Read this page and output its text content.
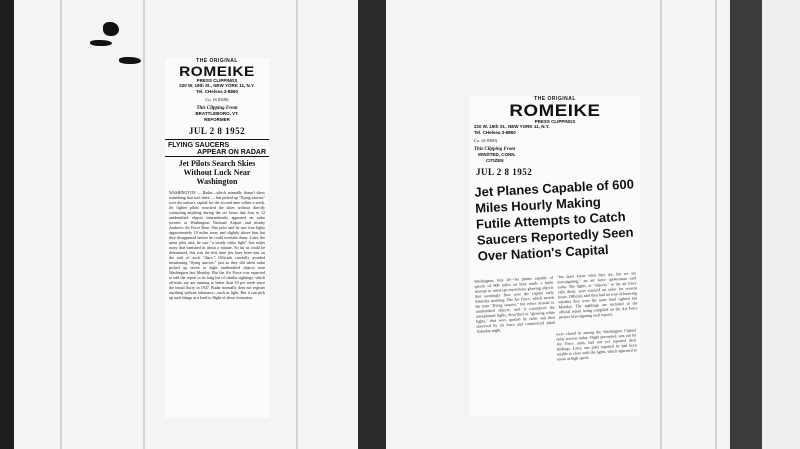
THE ORIGINAL
ROMEIKE
PRESS CLIPPINGS
220 W. 19th St., NEW YORK 11, N.Y.
Tel. CHelsea 3-8860
Co. (S 8300)
This Clipping From
BRATTLEBORO, VT.
REFORMER
JUL 2 8 1952
FLYING SAUCERS
APPEAR ON RADAR
Jet Pilots Search Skies Without Luck Near Washington
WASHINGTON — Radar—which normally doesn't show something that isn't there — has picked up "flying saucers" over the nation's capital for the second time within a week. Jet fighter pilots searched the skies without directly contacting anything during the six hours that four to 12 unidentified objects intermittently appeared on radar screens at Washington National Airport and nearby Andrews Air Force Base. One pilot said he saw four lights approximately 10 miles away and slightly above him but they disappeared before he could overtake them. Later, the same pilot said, he saw "a steady white light" five miles away that vanished in about a minute. So far as could be determined, this was the first time jets have been sent on the trail of such "discs." Officials carefully avoided mentioning "flying saucers," just as they did when radar picked up seven or eight unidentified objects near Washington last Monday. But the Air Force was expected to add the report to its long list of similar sightings, which officials say are running to better than 10 per week since the initial flurry in 1947. Radar normally does not register anything without substance—such as light. But it can pick up such things as a hard to flight of about formation.
THE ORIGINAL
ROMEIKE
PRESS CLIPPINGS
220 W. 19th St., NEW YORK 11, N.Y.
Tel. CHelsea 3-8860
Co. (S 8300)
This Clipping From
WINSTED, CONN.
CITIZEN
JUL 2 8 1952
Jet Planes Capable of 600 Miles Hourly Making Futile Attempts to Catch Saucers Reportedly Seen Over Nation's Capital
Washington, July 28—Jet planes capable of speeds of 600 miles an hour made a futile attempt to intercept mysterious glowing objects that seemingly flew over the capital early Saturday morning. The Air Force, which avoids the term "flying saucers," but refers instead to unidentified objects, said it considered the unexplained lights, described as "glowing white lights," that were spotted by radar and then observed by air force and commercial pilots Saturday night.
"We don't know what they are, but we are investigating," an air force spokesman said today. The lights, or "objects," as the air force calls them, were tracked on radar for several hours. Officials said they had no way of knowing whether they were the same kind sighted last Monday. The sightings are included in the official report being compiled on the Air Force project investigating such reports.
were closed in among the Washington Capitol radar screens today. Flight personnel, sent out by Air Force units, had not yet reported their findings. Later, one pilot reported he had been unable to close with the lights, which appeared to move at high speed.
